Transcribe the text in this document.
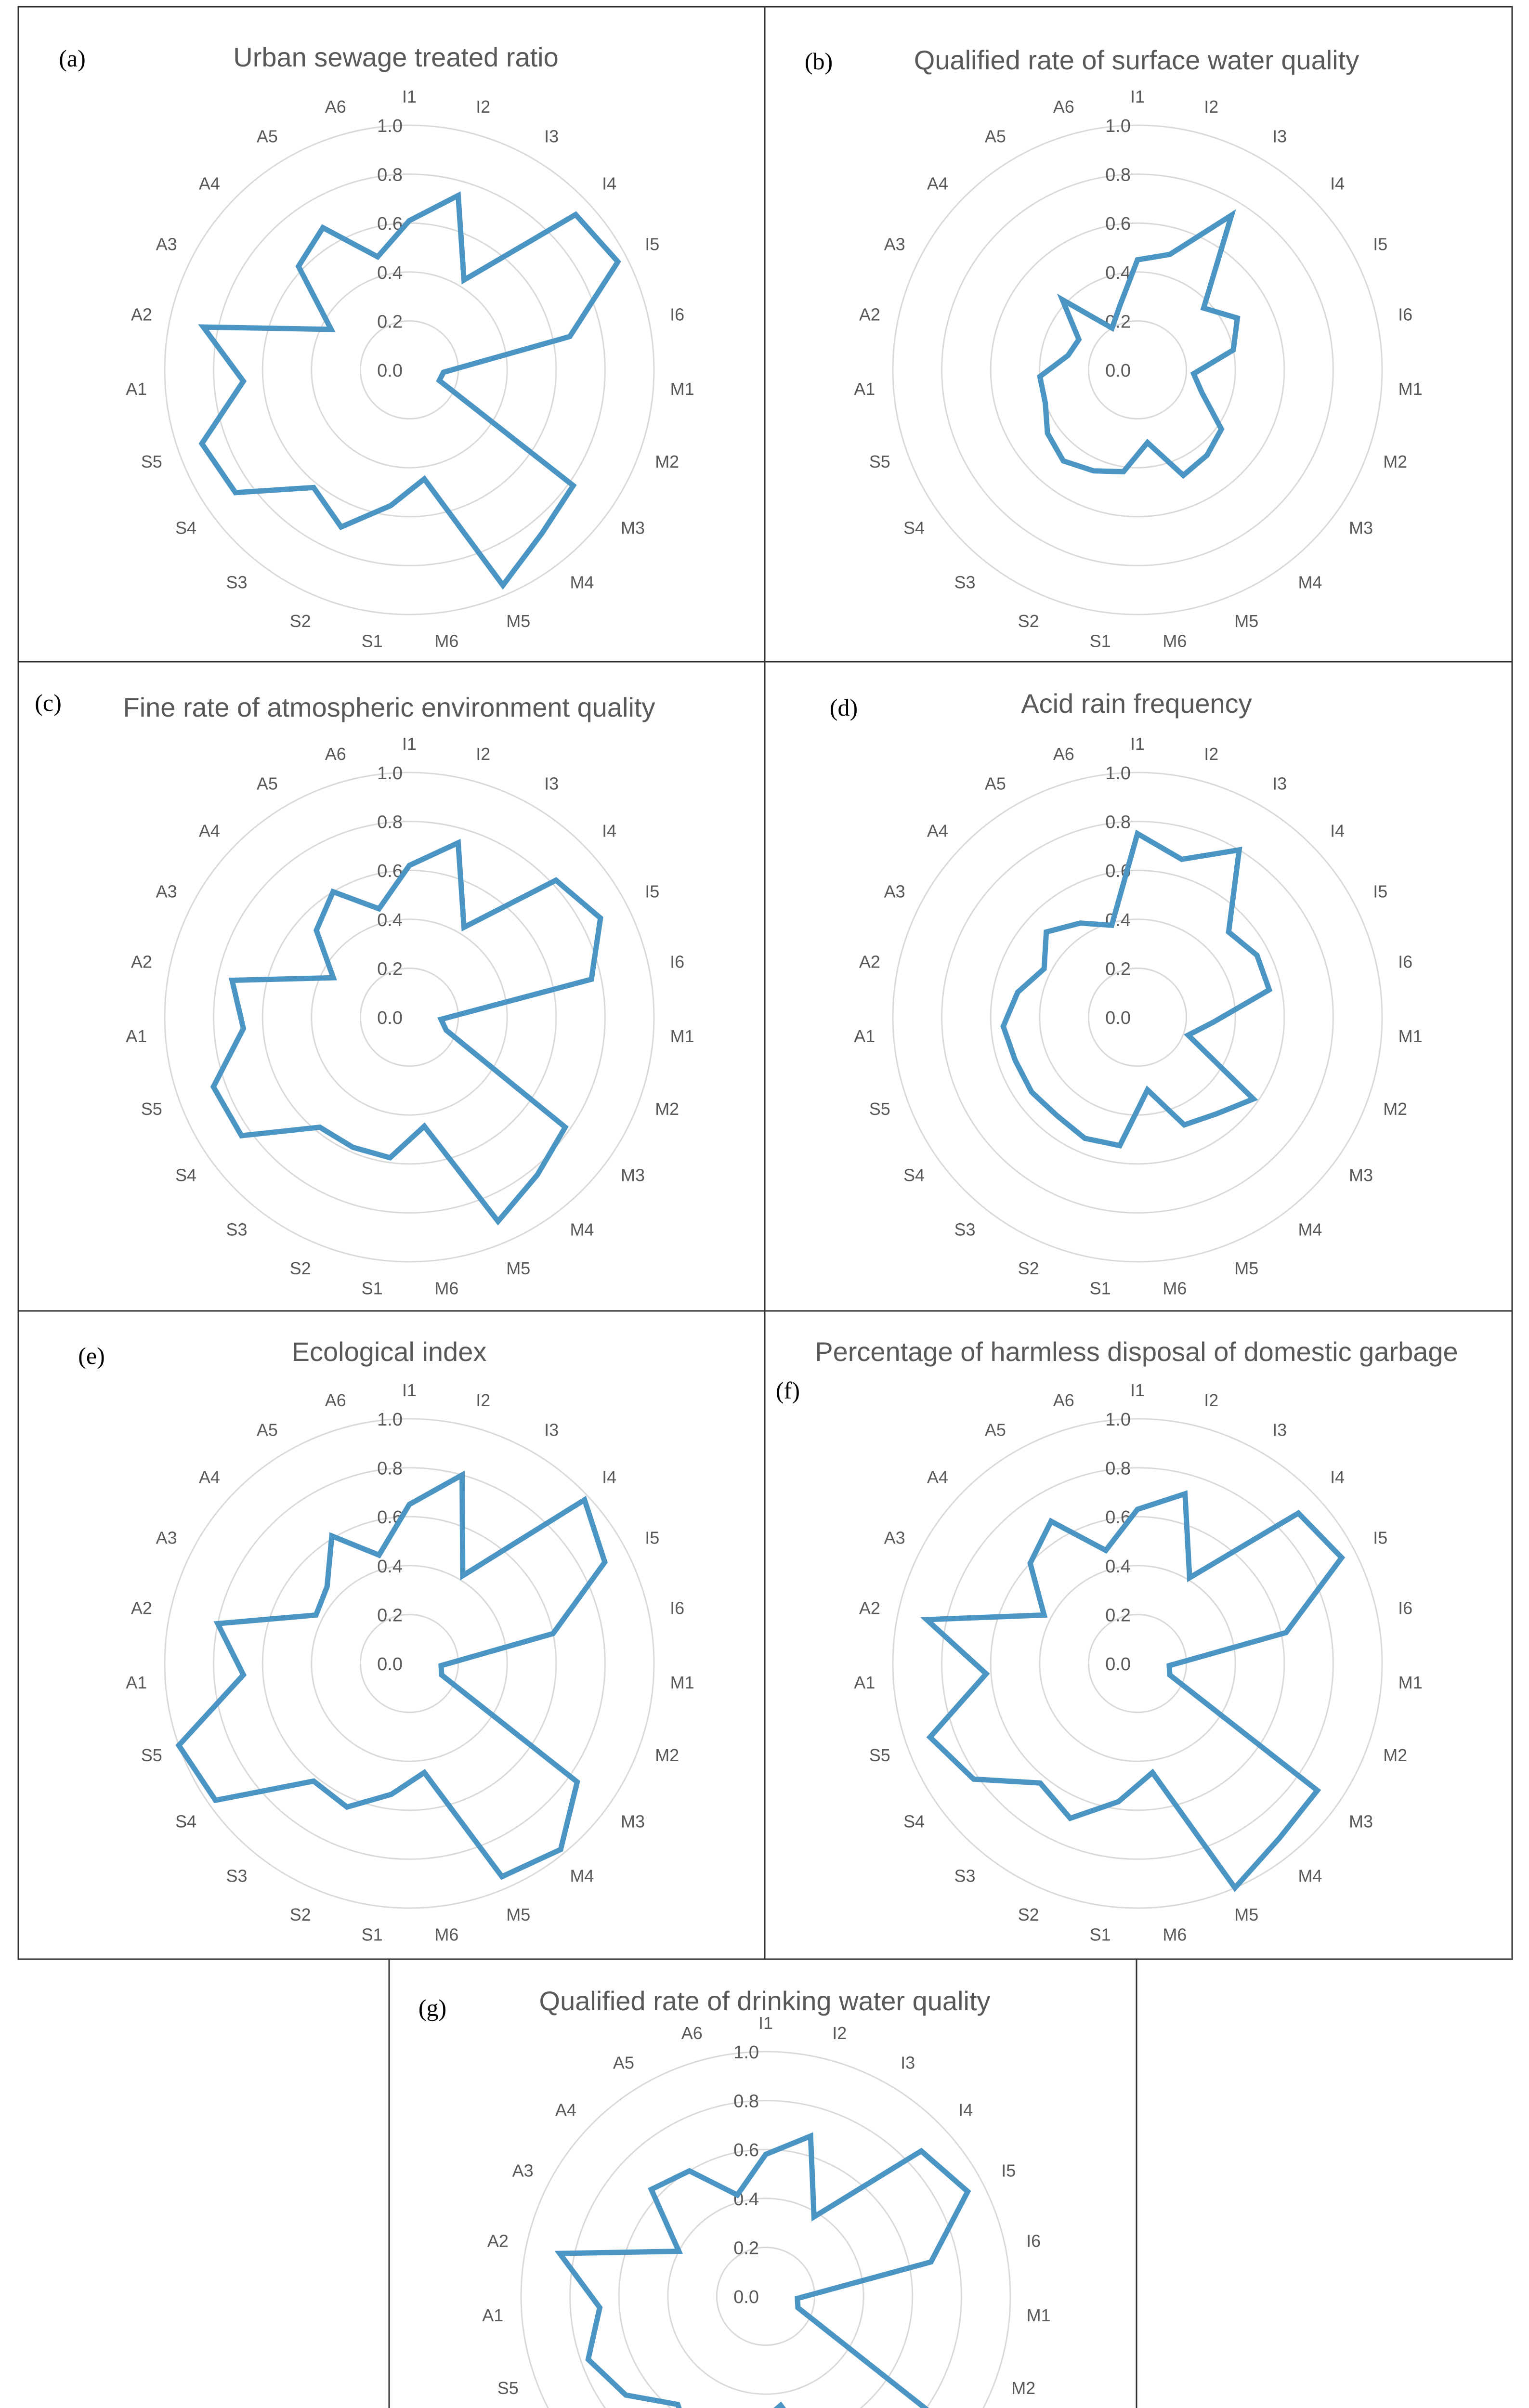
0.0
0.2
0.4
0.6
0.8
1.0
I1
I2
I3
I4
I5
I6
M1
M2
M3
M4
M5
M6
S1
S2
S3
S4
S5
A1
A2
A3
A4
A5
A6
Urban sewage treated ratio
(a)
0.0
0.2
0.4
0.6
0.8
1.0
I1
I2
I3
I4
I5
I6
M1
M2
M3
M4
M5
M6
S1
S2
S3
S4
S5
A1
A2
A3
A4
A5
A6
Qualified rate of surface water quality
(b)
0.0
0.2
0.4
0.6
0.8
1.0
I1
I2
I3
I4
I5
I6
M1
M2
M3
M4
M5
M6
S1
S2
S3
S4
S5
A1
A2
A3
A4
A5
A6
Fine rate of atmospheric environment quality
(c)
0.0
0.2
0.4
0.6
0.8
1.0
I1
I2
I3
I4
I5
I6
M1
M2
M3
M4
M5
M6
S1
S2
S3
S4
S5
A1
A2
A3
A4
A5
A6
Acid rain frequency
(d)
0.0
0.2
0.4
0.6
0.8
1.0
I1
I2
I3
I4
I5
I6
M1
M2
M3
M4
M5
M6
S1
S2
S3
S4
S5
A1
A2
A3
A4
A5
A6
Ecological index
(e)
0.0
0.2
0.4
0.6
0.8
1.0
I1
I2
I3
I4
I5
I6
M1
M2
M3
M4
M5
M6
S1
S2
S3
S4
S5
A1
A2
A3
A4
A5
A6
Percentage of harmless disposal of domestic garbage
(f)
0.0
0.2
0.4
0.6
0.8
1.0
I1
I2
I3
I4
I5
I6
M1
M2
S5
A1
A2
A3
A4
A5
A6
Qualified rate of drinking water quality
(g)
